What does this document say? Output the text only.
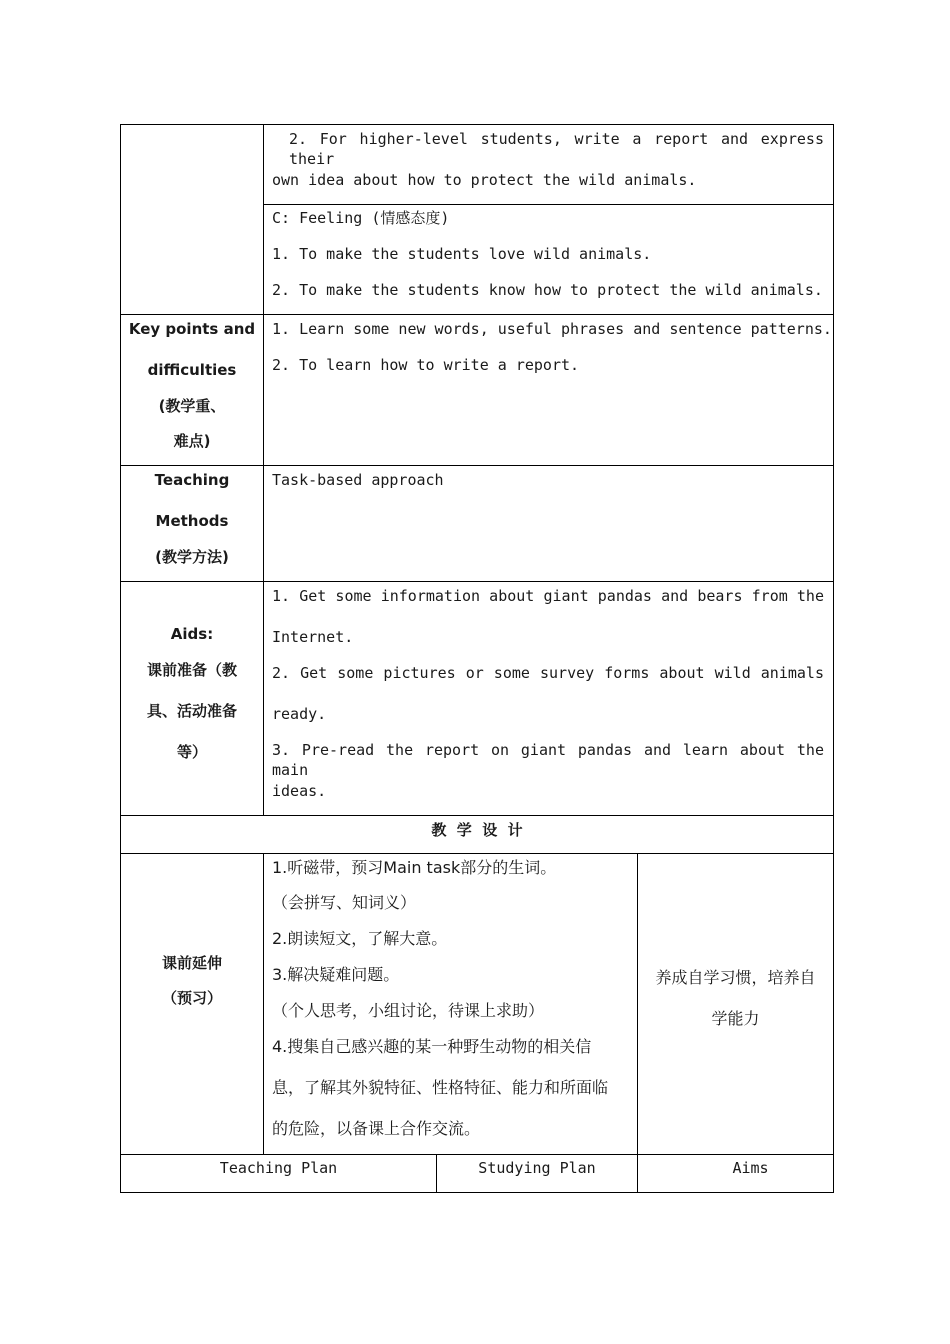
2. For higher-level students, write a report and express their
own idea about how to protect the wild animals.
C: Feeling (情感态度)
1. To make the students love wild animals.
2. To make the students know how to protect the wild animals.
Key points and
difficulties
(教学重、
难点)
1. Learn some new words, useful phrases and sentence patterns.
2. To learn how to write a report.
Teaching
Methods
(教学方法)
Task-based approach
Aids:
课前准备（教
具、活动准备
等）
1. Get some information about giant pandas and bears from the
Internet.
2. Get some pictures or some survey forms about wild animals
ready.
3. Pre-read the report on giant pandas and learn about the main
ideas.
教  学  设  计
课前延伸
（预习）
1.听磁带，预习Main task部分的生词。
（会拼写、知词义）
2.朗读短文，了解大意。
3.解决疑难问题。
（个人思考，小组讨论，待课上求助）
4.搜集自己感兴趣的某一种野生动物的相关信
息，了解其外貌特征、性格特征、能力和所面临
的危险，以备课上合作交流。
养成自学习惯，培养自
学能力
Teaching Plan	Studying Plan	Aims
